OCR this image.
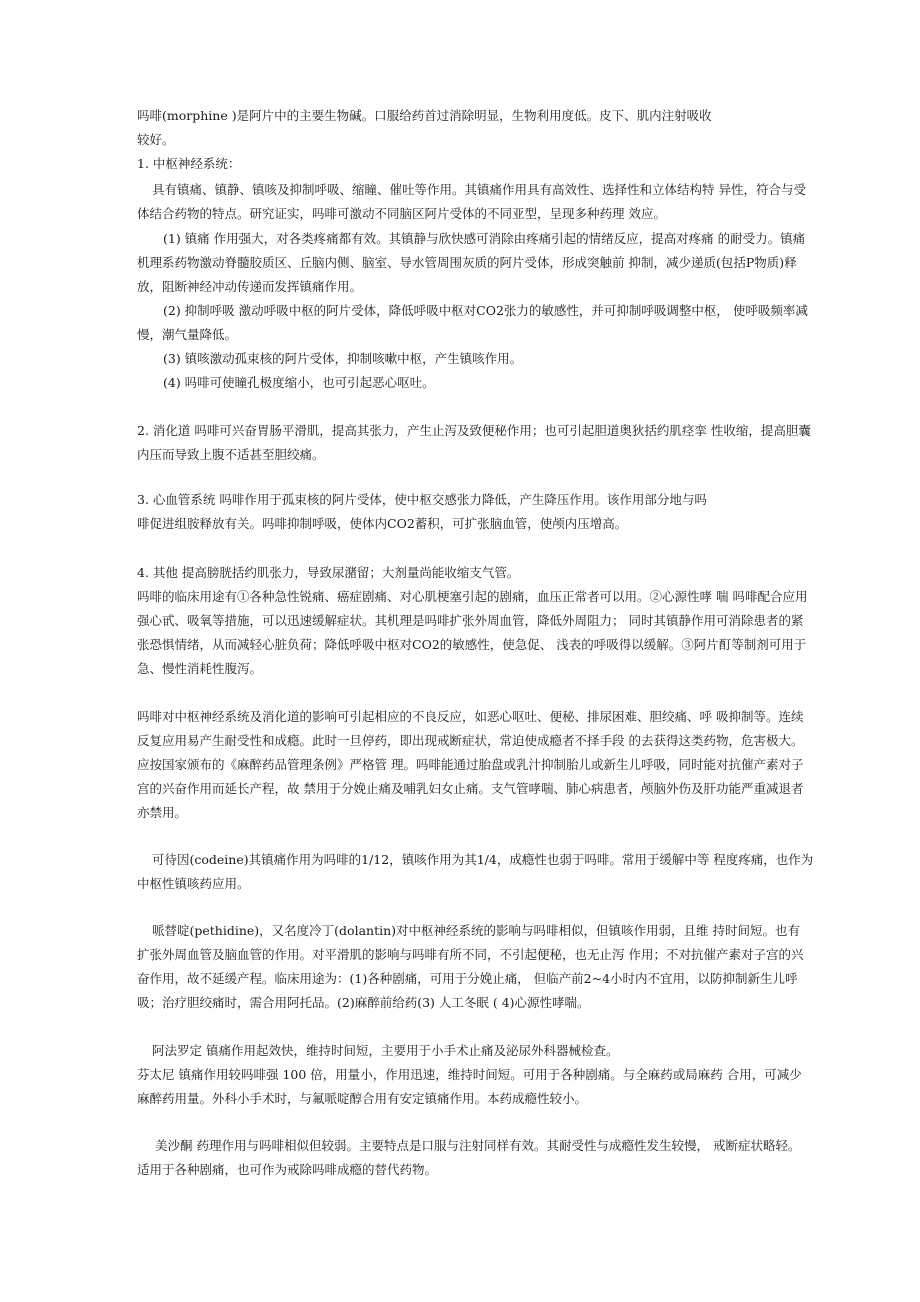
吗啡(morphine )是阿片中的主要生物碱。口服给药首过消除明显，生物利用度低。皮下、肌内注射吸收
较好。
1. 中枢神经系统：
具有镇痛、镇静、镇咳及抑制呼吸、缩瞳、催吐等作用。其镇痛作用具有高效性、选择性和立体结构特 异性，符合与受
体结合药物的特点。研究证实，吗啡可激动不同脑区阿片受体的不同亚型，呈现多种药理 效应。
(1) 镇痛 作用强大，对各类疼痛都有效。其镇静与欣快感可消除由疼痛引起的情绪反应，提高对疼痛 的耐受力。镇痛
机理系药物激动脊髓胶质区、丘脑内侧、脑室、导水管周围灰质的阿片受体，形成突触前 抑制，减少递质(包括P物质)释
放，阻断神经冲动传递而发挥镇痛作用。
(2) 抑制呼吸 激动呼吸中枢的阿片受体，降低呼吸中枢对CO2张力的敏感性，并可抑制呼吸调整中枢， 使呼吸频率减
慢，潮气量降低。
(3) 镇咳激动孤束核的阿片受体，抑制咳嗽中枢，产生镇咳作用。
(4) 吗啡可使瞳孔极度缩小，也可引起恶心呕吐。
2. 消化道 吗啡可兴奋胃肠平滑肌，提高其张力，产生止泻及致便秘作用；也可引起胆道奥狄括约肌痉挛 性收缩，提高胆囊
内压而导致上腹不适甚至胆绞痛。
3. 心血管系统 吗啡作用于孤束核的阿片受体，使中枢交感张力降低，产生降压作用。该作用部分地与吗
啡促进组胺释放有关。吗啡抑制呼吸，使体内CO2蓄积，可扩张脑血管，使颅内压增高。
4. 其他 提高膀胱括约肌张力，导致尿潴留；大剂量尚能收缩支气管。
吗啡的临床用途有①各种急性锐痛、癌症剧痛、对心肌梗塞引起的剧痛，血压正常者可以用。②心源性哮 喘 吗啡配合应用
强心甙、吸氧等措施，可以迅速缓解症状。其机理是吗啡扩张外周血管，降低外周阻力； 同时其镇静作用可消除患者的紧
张恐惧情绪，从而减轻心脏负荷；降低呼吸中枢对CO2的敏感性，使急促、 浅表的呼吸得以缓解。③阿片酊等制剂可用于
急、慢性消耗性腹泻。
吗啡对中枢神经系统及消化道的影响可引起相应的不良反应，如恶心呕吐、便秘、排尿困难、胆绞痛、呼 吸抑制等。连续
反复应用易产生耐受性和成瘾。此时一旦停药，即出现戒断症状，常迫使成瘾者不择手段 的去获得这类药物，危害极大。
应按国家颁布的《麻醉药品管理条例》严格管 理。吗啡能通过胎盘或乳汁抑制胎儿或新生儿呼吸，同时能对抗催产素对子
宫的兴奋作用而延长产程，故 禁用于分娩止痛及哺乳妇女止痛。支气管哮喘、肺心病患者，颅脑外伤及肝功能严重减退者
亦禁用。
可待因(codeine)其镇痛作用为吗啡的1/12，镇咳作用为其1/4，成瘾性也弱于吗啡。常用于缓解中等 程度疼痛，也作为
中枢性镇咳药应用。
哌替啶(pethidine)，又名度冷丁(dolantin)对中枢神经系统的影响与吗啡相似，但镇咳作用弱，且维 持时间短。也有
扩张外周血管及脑血管的作用。对平滑肌的影响与吗啡有所不同，不引起便秘，也无止泻 作用；不对抗催产素对子宫的兴
奋作用，故不延缓产程。临床用途为：(1)各种剧痛，可用于分娩止痛， 但临产前2~4小时内不宜用，以防抑制新生儿呼
吸；治疗胆绞痛时，需合用阿托品。(2)麻醉前给药(3) 人工冬眠 ( 4)心源性哮喘。
阿法罗定 镇痛作用起效快，维持时间短，主要用于小手术止痛及泌尿外科器械检查。
芬太尼 镇痛作用较吗啡强 100 倍，用量小，作用迅速，维持时间短。可用于各种剧痛。与全麻药或局麻药 合用，可减少
麻醉药用量。外科小手术时，与氟哌啶醇合用有安定镇痛作用。本药成瘾性较小。
美沙酮 药理作用与吗啡相似但较弱。主要特点是口服与注射同样有效。其耐受性与成瘾性发生较慢， 戒断症状略轻。
适用于各种剧痛，也可作为戒除吗啡成瘾的替代药物。
